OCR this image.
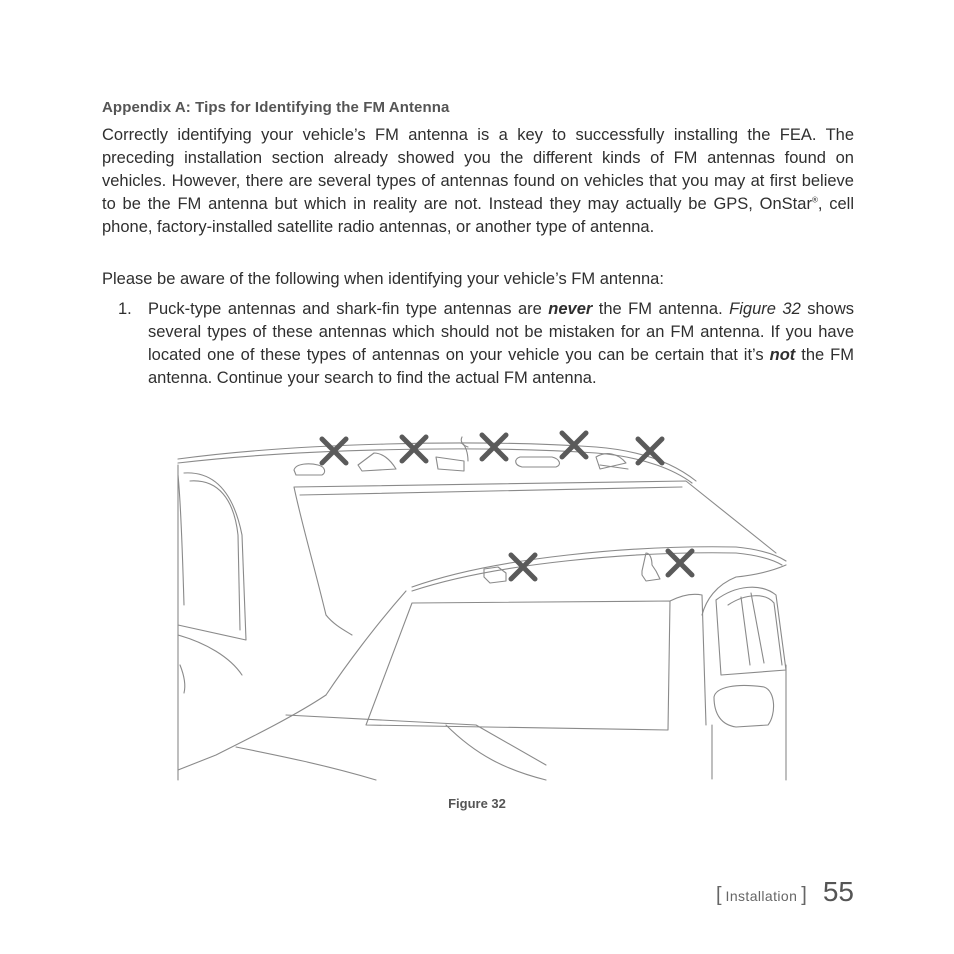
Appendix A: Tips for Identifying the FM Antenna

Correctly identifying your vehicle’s FM antenna is a key to successfully installing the FEA. The preceding installation section already showed you the different kinds of FM antennas found on vehicles. However, there are several types of antennas found on vehicles that you may at first believe to be the FM antenna but which in reality are not. Instead they may actually be GPS, OnStar®, cell phone, factory-installed satellite radio antennas, or another type of antenna.

Please be aware of the following when identifying your vehicle’s FM antenna:

1. Puck-type antennas and shark-fin type antennas are never the FM antenna. Figure 32 shows several types of these antennas which should not be mistaken for an FM antenna. If you have located one of these types of antennas on your vehicle you can be certain that it’s not the FM antenna. Continue your search to find the actual FM antenna.

Figure 32
[ Installation ] 55
